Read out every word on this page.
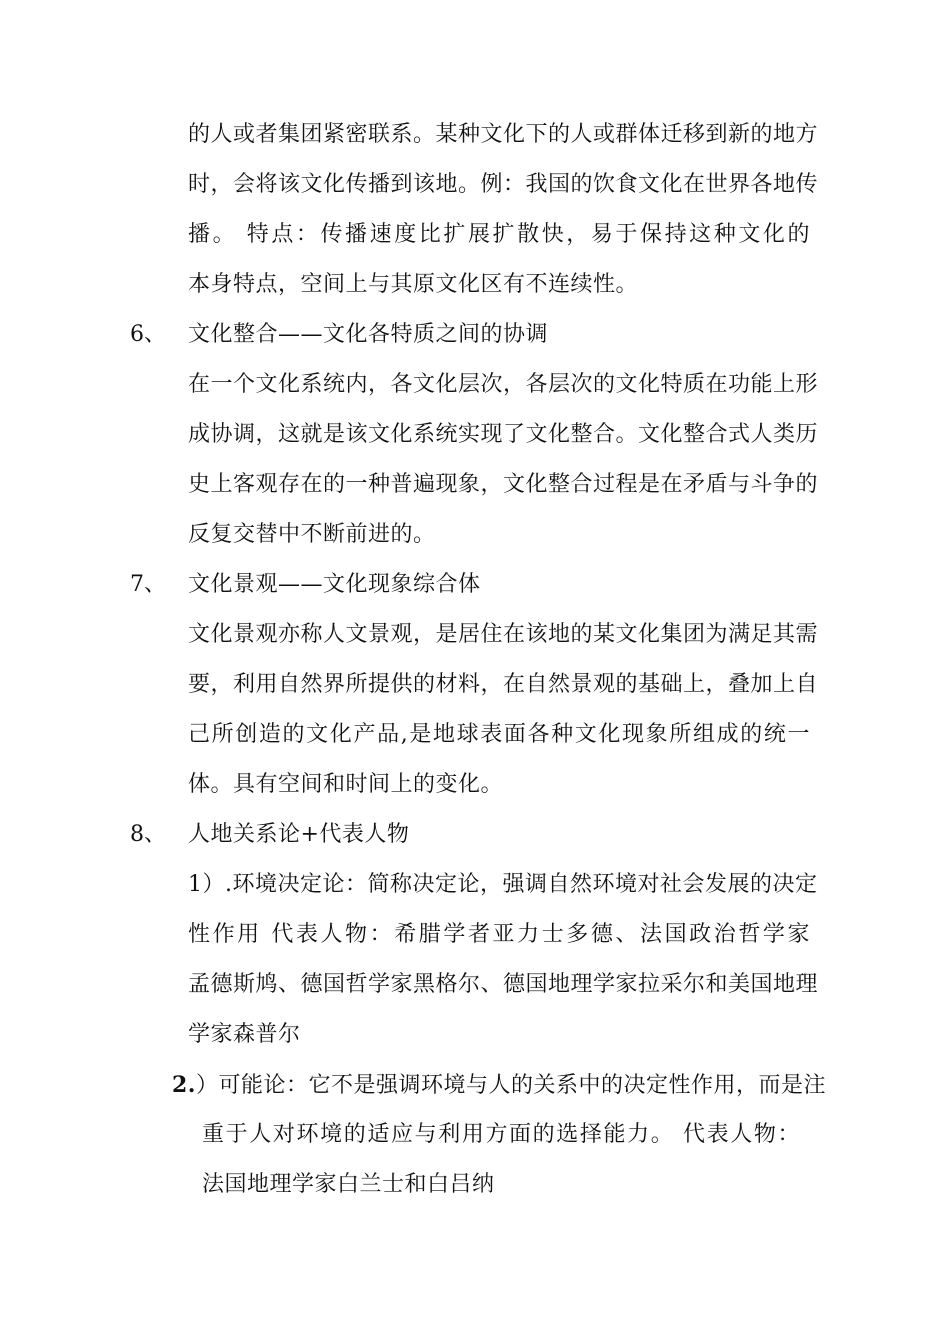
的人或者集团紧密联系。某种文化下的人或群体迁移到新的地方
时，会将该文化传播到该地。例：我国的饮食文化在世界各地传
播。 特点：传播速度比扩展扩散快，易于保持这种文化的
本身特点，空间上与其原文化区有不连续性。
6、 文化整合——文化各特质之间的协调
在一个文化系统内，各文化层次，各层次的文化特质在功能上形
成协调，这就是该文化系统实现了文化整合。文化整合式人类历
史上客观存在的一种普遍现象，文化整合过程是在矛盾与斗争的
反复交替中不断前进的。
7、 文化景观——文化现象综合体
文化景观亦称人文景观，是居住在该地的某文化集团为满足其需
要，利用自然界所提供的材料，在自然景观的基础上，叠加上自
己所创造的文化产品,是地球表面各种文化现象所组成的统一
体。具有空间和时间上的变化。
8、 人地关系论+代表人物
1）.环境决定论：简称决定论，强调自然环境对社会发展的决定
性作用 代表人物：希腊学者亚力士多德、法国政治哲学家
孟德斯鸠、德国哲学家黑格尔、德国地理学家拉采尔和美国地理
学家森普尔
2.）可能论：它不是强调环境与人的关系中的决定性作用，而是注
重于人对环境的适应与利用方面的选择能力。 代表人物：
法国地理学家白兰士和白吕纳
